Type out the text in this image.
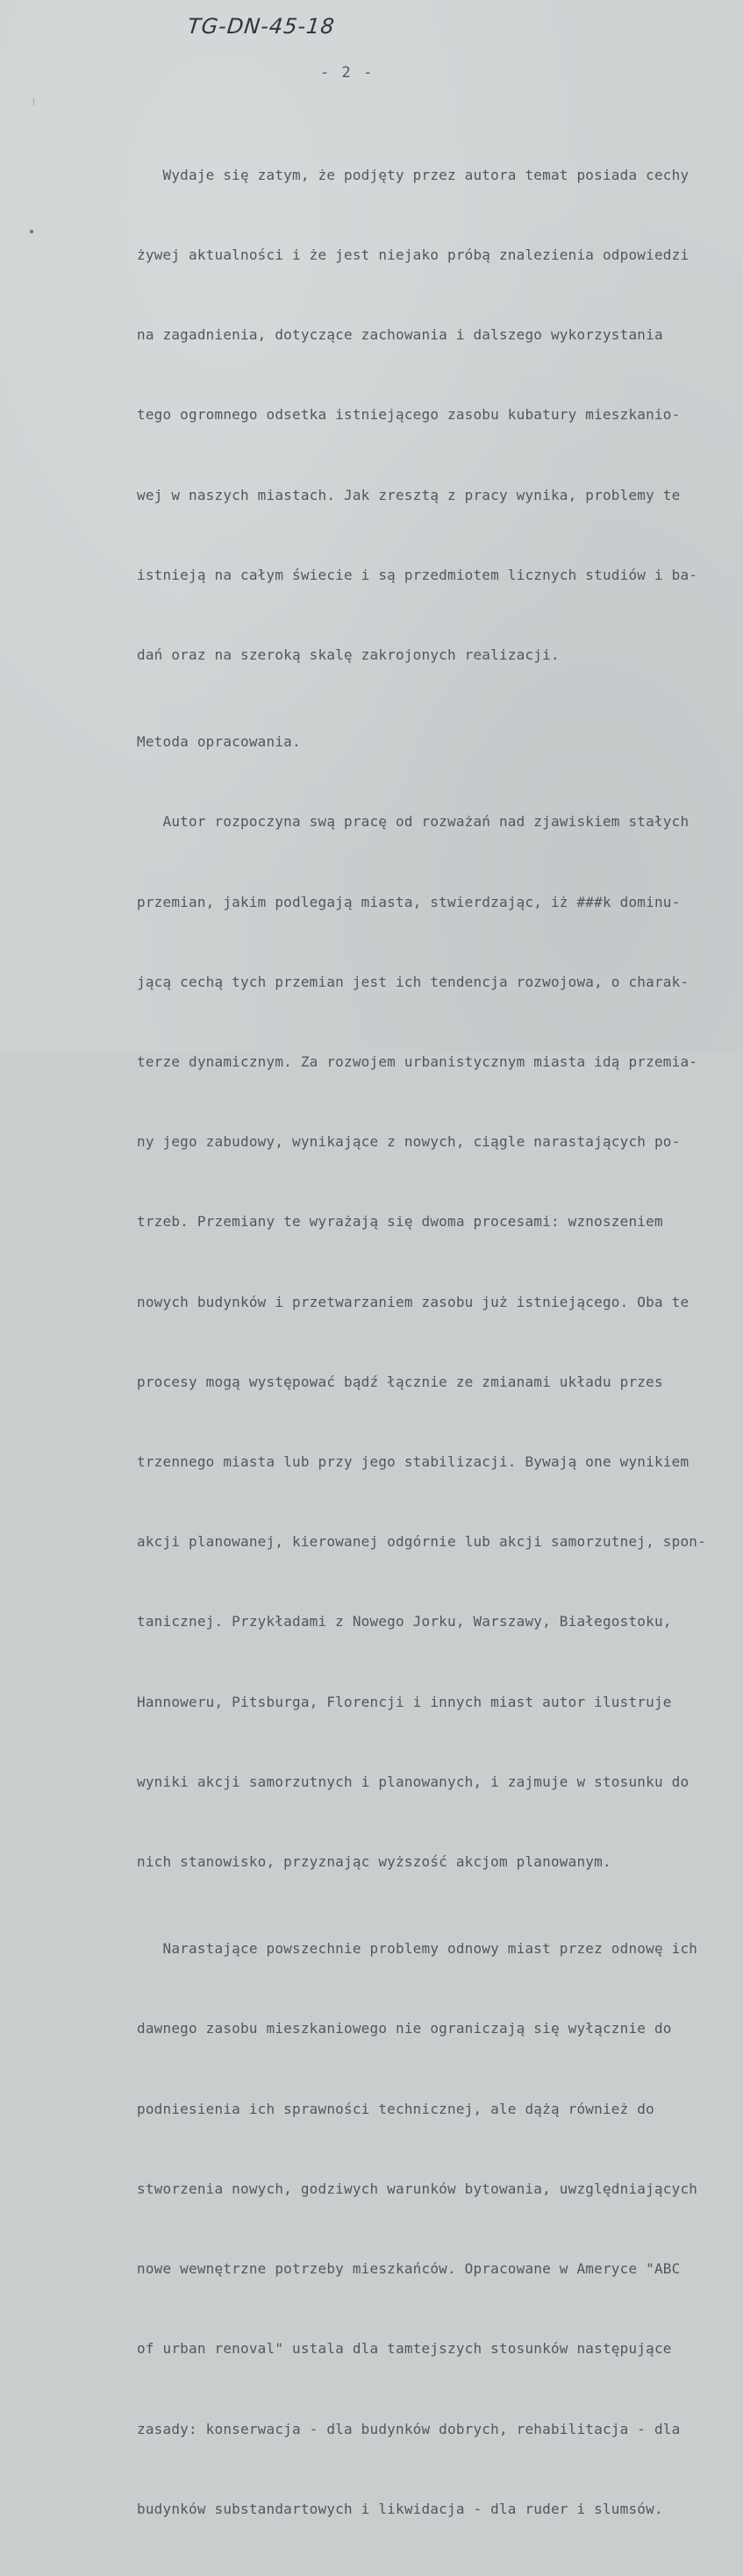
TG-DN-45-18
- 2 -

Wydaje się zatym, że podjęty przez autora temat posiada cechy

żywej aktualności i że jest niejako próbą znalezienia odpowiedzi

na zagadnienia, dotyczące zachowania i dalszego wykorzystania

tego ogromnego odsetka istniejącego zasobu kubatury mieszkanio-

wej w naszych miastach. Jak zresztą z pracy wynika, problemy te

istnieją na całym świecie i są przedmiotem licznych studiów i ba-

dań oraz na szeroką skalę zakrojonych realizacji.

Metoda opracowania.

Autor rozpoczyna swą pracę od rozważań nad zjawiskiem stałych

przemian, jakim podlegają miasta, stwierdzając, iż ###k dominu-

jącą cechą tych przemian jest ich tendencja rozwojowa, o charak-

terze dynamicznym. Za rozwojem urbanistycznym miasta idą przemia-

ny jego zabudowy, wynikające z nowych, ciągle narastających po-

trzeb. Przemiany te wyrażają się dwoma procesami: wznoszeniem

nowych budynków i przetwarzaniem zasobu już istniejącego. Oba te

procesy mogą występować bądź łącznie ze zmianami układu przes

trzennego miasta lub przy jego stabilizacji. Bywają one wynikiem

akcji planowanej, kierowanej odgórnie lub akcji samorzutnej, spon-

tanicznej. Przykładami z Nowego Jorku, Warszawy, Białegostoku,

Hannoweru, Pitsburga, Florencji i innych miast autor ilustruje

wyniki akcji samorzutnych i planowanych, i zajmuje w stosunku do

nich stanowisko, przyznając wyższość akcjom planowanym.

Narastające powszechnie problemy odnowy miast przez odnowę ich

dawnego zasobu mieszkaniowego nie ograniczają się wyłącznie do

podniesienia ich sprawności technicznej, ale dążą również do

stworzenia nowych, godziwych warunków bytowania, uwzględniających

nowe wewnętrzne potrzeby mieszkańców. Opracowane w Ameryce "ABC

of urban renoval" ustala dla tamtejszych stosunków następujące

zasady: konserwacja - dla budynków dobrych, rehabilitacja - dla

budynków substandartowych i likwidacja - dla ruder i slumsów.
